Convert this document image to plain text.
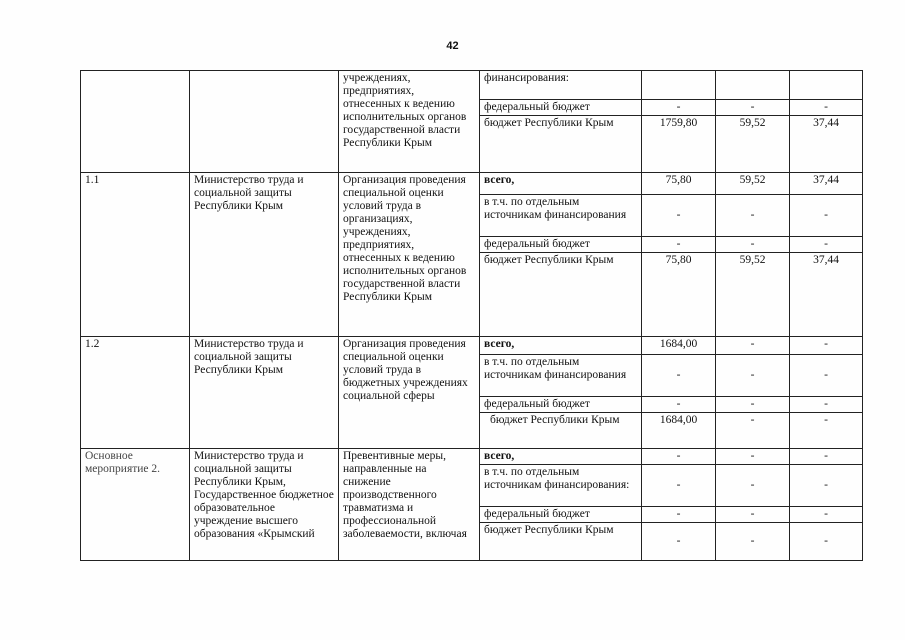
42
		учреждениях, предприятиях, отнесенных к ведению исполнительных органов государственной власти Республики Крым	финансирования:			
			федеральный бюджет	-	-	-
			бюджет Республики Крым	1759,80	59,52	37,44
1.1	Министерство труда и социальной защиты Республики Крым	Организация проведения специальной оценки условий труда в организациях, учреждениях, предприятиях, отнесенных к ведению исполнительных органов государственной власти Республики Крым	всего,	75,80	59,52	37,44
			в т.ч. по отдельным источникам финансирования	-	-	-
			федеральный бюджет	-	-	-
			бюджет Республики Крым	75,80	59,52	37,44
1.2	Министерство труда и социальной защиты Республики Крым	Организация проведения специальной оценки условий труда в бюджетных учреждениях социальной сферы	всего,	1684,00	-	-
			в т.ч. по отдельным источникам финансирования	-	-	-
			федеральный бюджет	-	-	-
			бюджет Республики Крым	1684,00	-	-
Основное мероприятие 2.	Министерство труда и социальной защиты Республики Крым, Государственное бюджетное образовательное учреждение высшего образования «Крымский	Превентивные меры, направленные на снижение производственного травматизма и профессиональной заболеваемости, включая	всего,	-	-	-
			в т.ч. по отдельным источникам финансирования:	-	-	-
			федеральный бюджет	-	-	-
			бюджет Республики Крым	-	-	-
